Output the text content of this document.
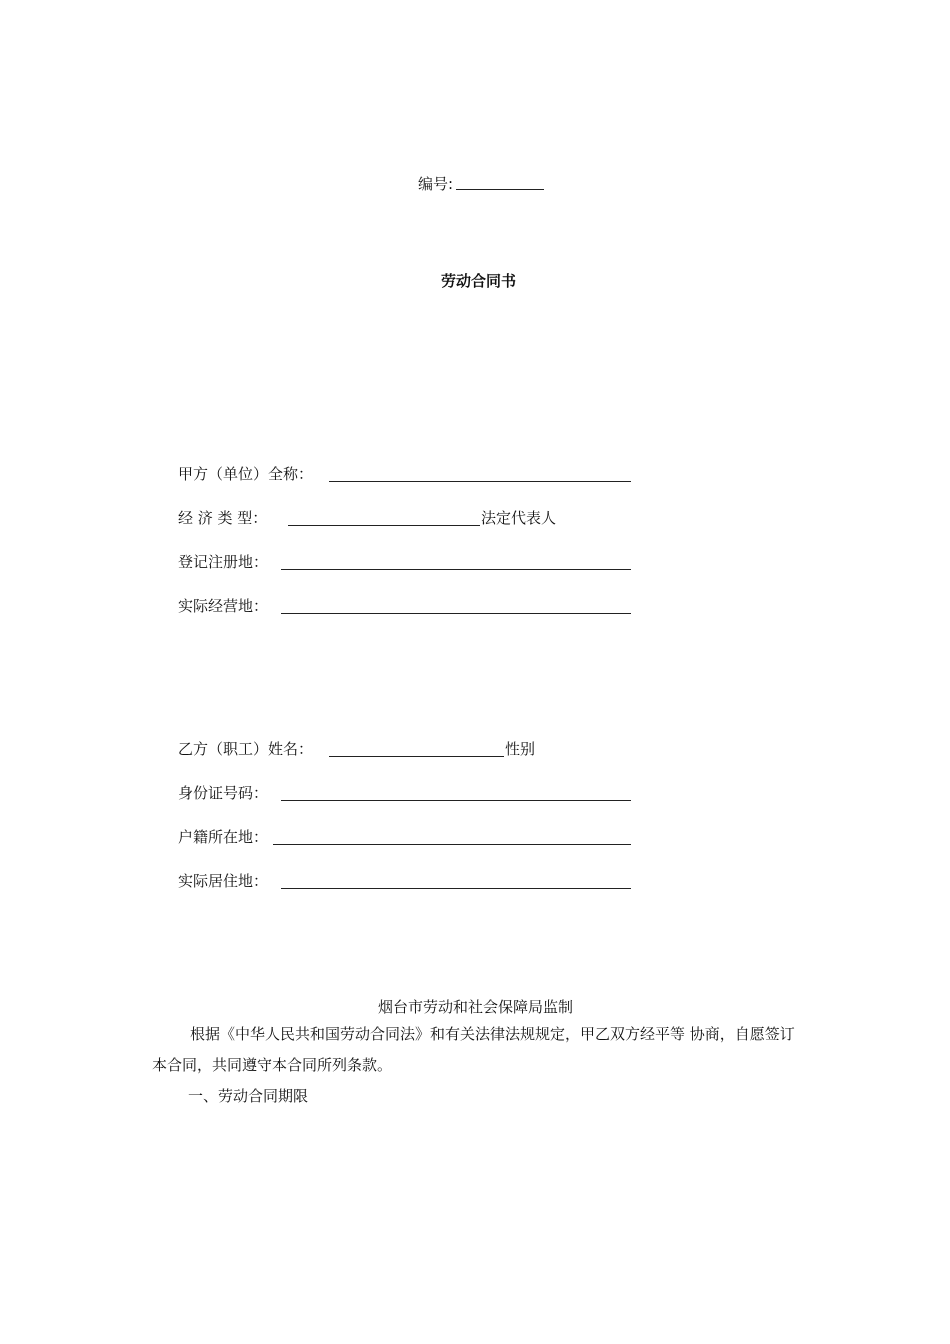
编号:
劳动合同书
甲方（单位）全称：
经 济 类 型：	法定代表人
登记注册地：
实际经营地：
乙方（职工）姓名：	性别
身份证号码：
户籍所在地：
实际居住地：
烟台市劳动和社会保障局监制
根据《中华人民共和国劳动合同法》和有关法律法规规定，甲乙双方经平等 协商，自愿签订本合同，共同遵守本合同所列条款。
一、劳动合同期限
